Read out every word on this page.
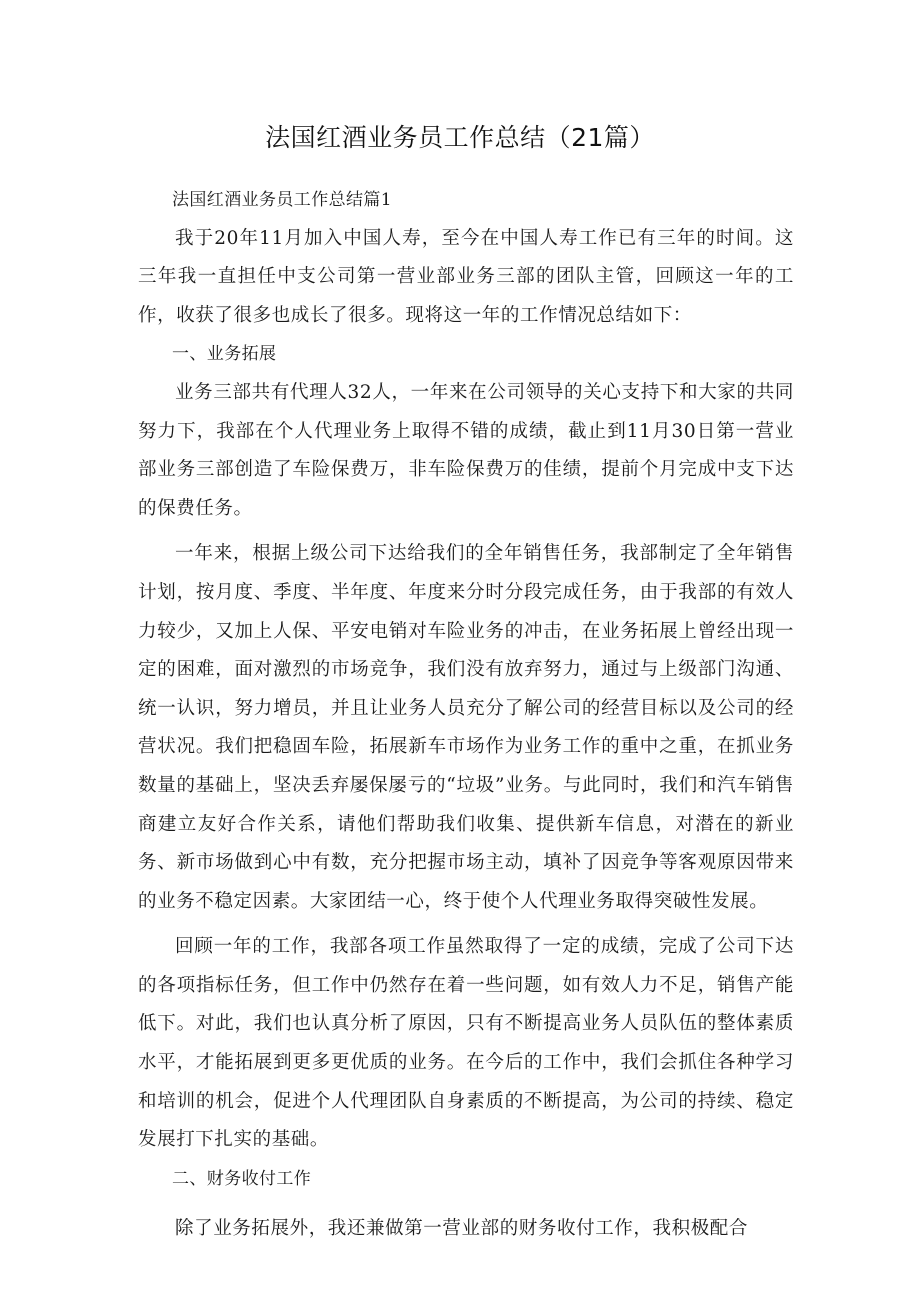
法国红酒业务员工作总结（21篇）

法国红酒业务员工作总结篇1

我于20年11月加入中国人寿，至今在中国人寿工作已有三年的时间。这三年我一直担任中支公司第一营业部业务三部的团队主管，回顾这一年的工作，收获了很多也成长了很多。现将这一年的工作情况总结如下：

一、业务拓展

业务三部共有代理人32人，一年来在公司领导的关心支持下和大家的共同努力下，我部在个人代理业务上取得不错的成绩，截止到11月30日第一营业部业务三部创造了车险保费万，非车险保费万的佳绩，提前个月完成中支下达的保费任务。

一年来，根据上级公司下达给我们的全年销售任务，我部制定了全年销售计划，按月度、季度、半年度、年度来分时分段完成任务，由于我部的有效人力较少，又加上人保、平安电销对车险业务的冲击，在业务拓展上曾经出现一定的困难，面对激烈的市场竞争，我们没有放弃努力，通过与上级部门沟通、统一认识，努力增员，并且让业务人员充分了解公司的经营目标以及公司的经营状况。我们把稳固车险，拓展新车市场作为业务工作的重中之重，在抓业务数量的基础上，坚决丢弃屡保屡亏的“垃圾”业务。与此同时，我们和汽车销售商建立友好合作关系，请他们帮助我们收集、提供新车信息，对潜在的新业务、新市场做到心中有数，充分把握市场主动，填补了因竞争等客观原因带来的业务不稳定因素。大家团结一心，终于使个人代理业务取得突破性发展。

回顾一年的工作，我部各项工作虽然取得了一定的成绩，完成了公司下达的各项指标任务，但工作中仍然存在着一些问题，如有效人力不足，销售产能低下。对此，我们也认真分析了原因，只有不断提高业务人员队伍的整体素质水平，才能拓展到更多更优质的业务。在今后的工作中，我们会抓住各种学习和培训的机会，促进个人代理团队自身素质的不断提高，为公司的持续、稳定发展打下扎实的基础。

二、财务收付工作

除了业务拓展外，我还兼做第一营业部的财务收付工作，我积极配合
